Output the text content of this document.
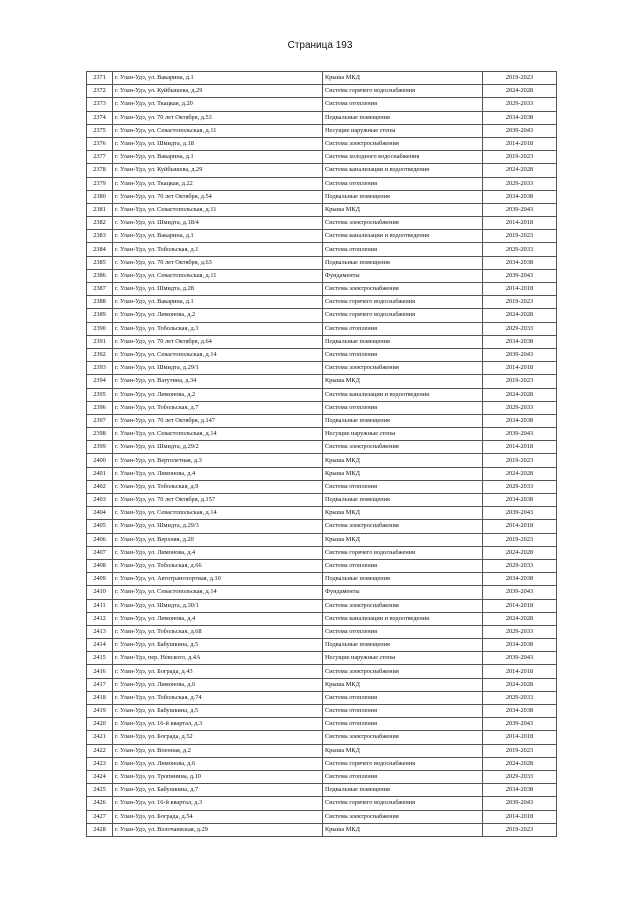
Страница 193
2371	г. Улан-Удэ, ул. Вакарина, д.1	Крыша МКД	2019-2023
2372	г. Улан-Удэ, ул. Куйбышева, д.29	Система горячего водоснабжения	2024-2028
2373	г. Улан-Удэ, ул. Ткацкая, д.20	Система отопления	2029-2033
2374	г. Улан-Удэ, ул. 70 лет Октября, д.53	Подвальные помещения	2034-2038
2375	г. Улан-Удэ, ул. Севастопольская, д.11	Несущие наружные стены	2039-2043
2376	г. Улан-Удэ, ул. Шмидта, д.18	Система электроснабжения	2014-2018
2377	г. Улан-Удэ, ул. Вакарина, д.1	Система холодного водоснабжения	2019-2023
2378	г. Улан-Удэ, ул. Куйбышева, д.29	Система канализации и водоотведения	2024-2028
2379	г. Улан-Удэ, ул. Ткацкая, д.22	Система отопления	2029-2033
2380	г. Улан-Удэ, ул. 70 лет Октября, д.54	Подвальные помещения	2034-2038
2381	г. Улан-Удэ, ул. Севастопольская, д.11	Крыша МКД	2039-2043
2382	г. Улан-Удэ, ул. Шмидта, д.18/4	Система электроснабжения	2014-2018
2383	г. Улан-Удэ, ул. Вакарина, д.1	Система канализации и водоотведения	2019-2023
2384	г. Улан-Удэ, ул. Тобольская, д.1	Система отопления	2029-2033
2385	г. Улан-Удэ, ул. 70 лет Октября, д.63	Подвальные помещения	2034-2038
2386	г. Улан-Удэ, ул. Севастопольская, д.11	Фундаменты	2039-2043
2387	г. Улан-Удэ, ул. Шмидта, д.28	Система электроснабжения	2014-2018
2388	г. Улан-Удэ, ул. Вакарина, д.1	Система горячего водоснабжения	2019-2023
2389	г. Улан-Удэ, ул. Лимонова, д.2	Система горячего водоснабжения	2024-2028
2390	г. Улан-Удэ, ул. Тобольская, д.3	Система отопления	2029-2033
2391	г. Улан-Удэ, ул. 70 лет Октября, д.64	Подвальные помещения	2034-2038
2392	г. Улан-Удэ, ул. Севастопольская, д.14	Система отопления	2039-2043
2393	г. Улан-Удэ, ул. Шмидта, д.29/1	Система электроснабжения	2014-2018
2394	г. Улан-Удэ, ул. Ватутина, д.34	Крыша МКД	2019-2023
2395	г. Улан-Удэ, ул. Лимонова, д.2	Система канализации и водоотведения	2024-2028
2396	г. Улан-Удэ, ул. Тобольская, д.7	Система отопления	2029-2033
2397	г. Улан-Удэ, ул. 70 лет Октября, д.147	Подвальные помещения	2034-2038
2398	г. Улан-Удэ, ул. Севастопольская, д.14	Несущие наружные стены	2039-2043
2399	г. Улан-Удэ, ул. Шмидта, д.29/2	Система электроснабжения	2014-2018
2400	г. Улан-Удэ, ул. Вертолетная, д.3	Крыша МКД	2019-2023
2401	г. Улан-Удэ, ул. Лимонова, д.4	Крыша МКД	2024-2028
2402	г. Улан-Удэ, ул. Тобольская, д.9	Система отопления	2029-2033
2403	г. Улан-Удэ, ул. 70 лет Октября, д.157	Подвальные помещения	2034-2038
2404	г. Улан-Удэ, ул. Севастопольская, д.14	Крыша МКД	2039-2043
2405	г. Улан-Удэ, ул. Шмидта, д.29/3	Система электроснабжения	2014-2018
2406	г. Улан-Удэ, ул. Верхняя, д.20	Крыша МКД	2019-2023
2407	г. Улан-Удэ, ул. Лимонова, д.4	Система горячего водоснабжения	2024-2028
2408	г. Улан-Удэ, ул. Тобольская, д.66	Система отопления	2029-2033
2409	г. Улан-Удэ, ул. Автотранспортная, д.10	Подвальные помещения	2034-2038
2410	г. Улан-Удэ, ул. Севастопольская, д.14	Фундаменты	2039-2043
2411	г. Улан-Удэ, ул. Шмидта, д.30/1	Система электроснабжения	2014-2018
2412	г. Улан-Удэ, ул. Лимонова, д.4	Система канализации и водоотведения	2024-2028
2413	г. Улан-Удэ, ул. Тобольская, д.68	Система отопления	2029-2033
2414	г. Улан-Удэ, ул. Бабушкина, д.5	Подвальные помещения	2034-2038
2415	г. Улан-Удэ, пер. Невского, д.4А	Несущие наружные стены	2039-2043
2416	г. Улан-Удэ, ул. Бограда, д.43	Система электроснабжения	2014-2018
2417	г. Улан-Удэ, ул. Лимонова, д.6	Крыша МКД	2024-2028
2418	г. Улан-Удэ, ул. Тобольская, д.74	Система отопления	2029-2033
2419	г. Улан-Удэ, ул. Бабушкина, д.5	Система отопления	2034-2038
2420	г. Улан-Удэ, ул. 16-й квартал, д.3	Система отопления	2039-2043
2421	г. Улан-Удэ, ул. Бограда, д.52	Система электроснабжения	2014-2018
2422	г. Улан-Удэ, ул. Военная, д.2	Крыша МКД	2019-2023
2423	г. Улан-Удэ, ул. Лимонова, д.6	Система горячего водоснабжения	2024-2028
2424	г. Улан-Удэ, ул. Тропинина, д.10	Система отопления	2029-2033
2425	г. Улан-Удэ, ул. Бабушкина, д.7	Подвальные помещения	2034-2038
2426	г. Улан-Удэ, ул. 16-й квартал, д.3	Система горячего водоснабжения	2039-2043
2427	г. Улан-Удэ, ул. Бограда, д.54	Система электроснабжения	2014-2018
2428	г. Улан-Удэ, ул. Волочаевская, д.29	Крыша МКД	2019-2023
